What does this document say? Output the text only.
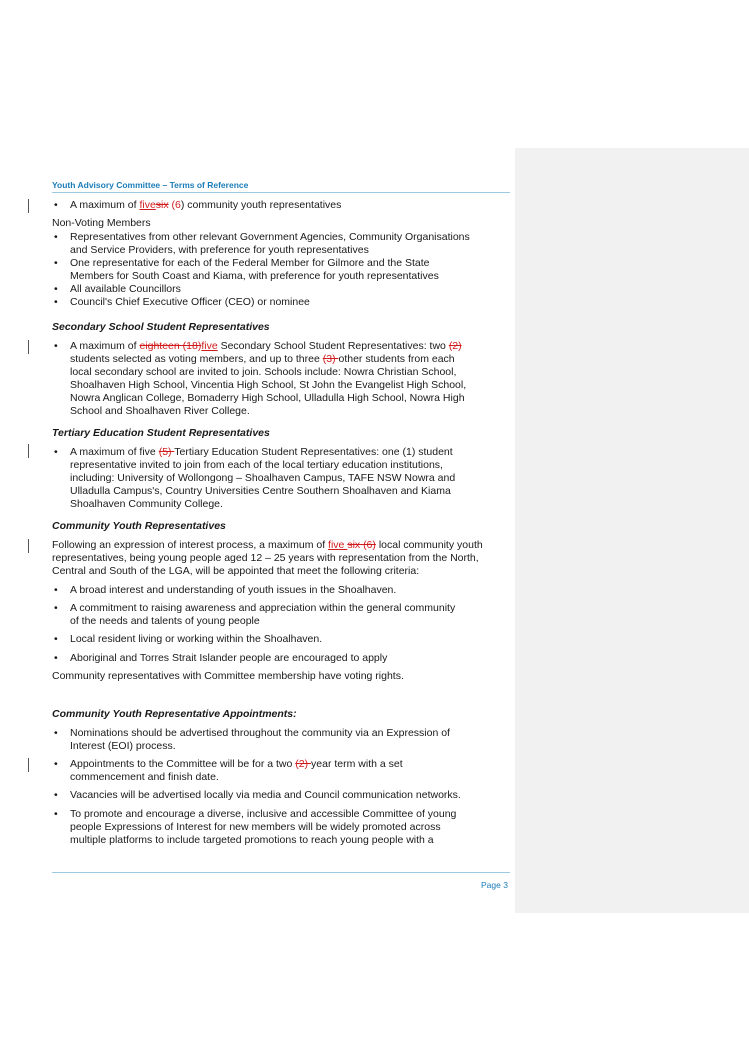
Youth Advisory Committee – Terms of Reference
• A maximum of fivesix (6) community youth representatives
Non-Voting Members
• Representatives from other relevant Government Agencies, Community Organisations
and Service Providers, with preference for youth representatives
• One representative for each of the Federal Member for Gilmore and the State
Members for South Coast and Kiama, with preference for youth representatives
• All available Councillors
• Council's Chief Executive Officer (CEO) or nominee
Secondary School Student Representatives
• A maximum of eighteen (18)five Secondary School Student Representatives: two (2)
students selected as voting members, and up to three (3) other students from each
local secondary school are invited to join. Schools include: Nowra Christian School,
Shoalhaven High School, Vincentia High School, St John the Evangelist High School,
Nowra Anglican College, Bomaderry High School, Ulladulla High School, Nowra High
School and Shoalhaven River College.
Tertiary Education Student Representatives
• A maximum of five (5) Tertiary Education Student Representatives: one (1) student
representative invited to join from each of the local tertiary education institutions,
including: University of Wollongong – Shoalhaven Campus, TAFE NSW Nowra and
Ulladulla Campus's, Country Universities Centre Southern Shoalhaven and Kiama
Shoalhaven Community College.
Community Youth Representatives
Following an expression of interest process, a maximum of five six (6) local community youth
representatives, being young people aged 12 – 25 years with representation from the North,
Central and South of the LGA, will be appointed that meet the following criteria:
• A broad interest and understanding of youth issues in the Shoalhaven.
• A commitment to raising awareness and appreciation within the general community
of the needs and talents of young people
• Local resident living or working within the Shoalhaven.
• Aboriginal and Torres Strait Islander people are encouraged to apply
Community representatives with Committee membership have voting rights.
Community Youth Representative Appointments:
• Nominations should be advertised throughout the community via an Expression of
Interest (EOI) process.
• Appointments to the Committee will be for a two (2) year term with a set
commencement and finish date.
• Vacancies will be advertised locally via media and Council communication networks.
• To promote and encourage a diverse, inclusive and accessible Committee of young
people Expressions of Interest for new members will be widely promoted across
multiple platforms to include targeted promotions to reach young people with a
Page 3
